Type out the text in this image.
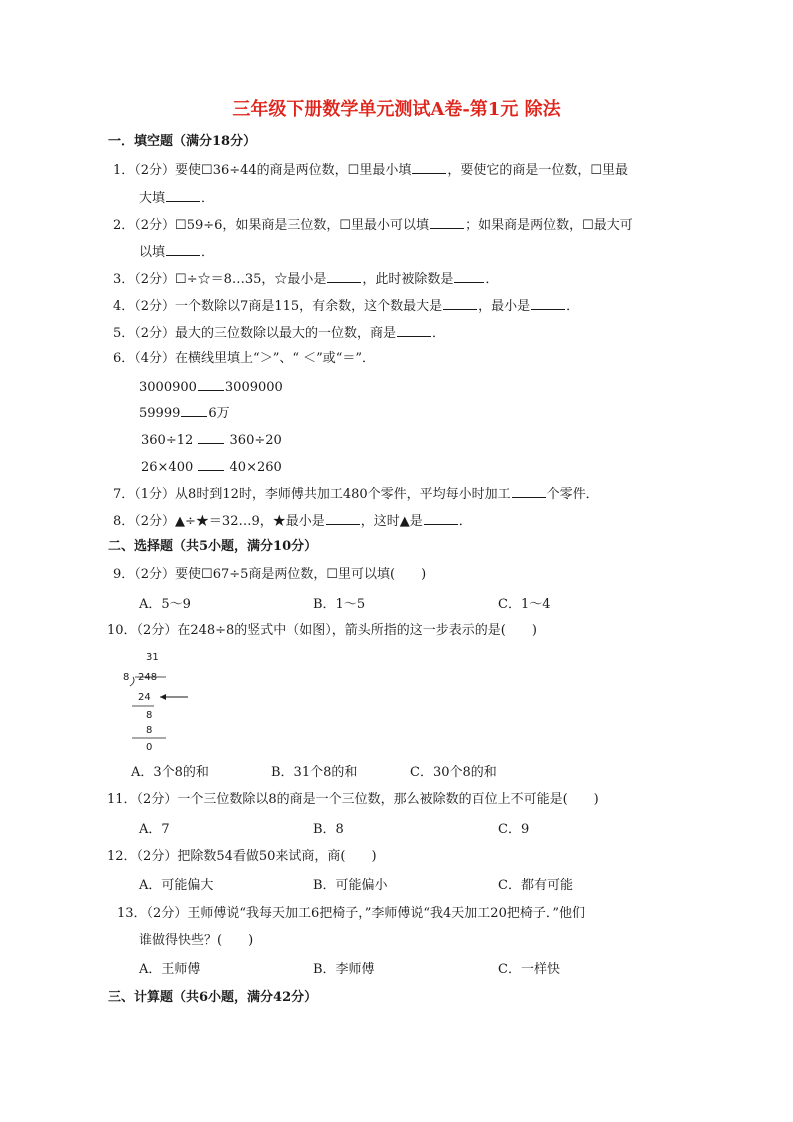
三年级下册数学单元测试A卷-第1元 除法
一．填空题（满分18分）
1．（2分）要使☐36÷44的商是两位数，☐里最小填	，要使它的商是一位数，☐里最
大填	．
2．（2分）☐59÷6，如果商是三位数，☐里最小可以填	；如果商是两位数，☐最大可
以填	．
3．（2分）☐÷☆＝8…35，☆最小是	，此时被除数是 ．
4．（2分）一个数除以7商是115，有余数，这个数最大是	，最小是	．
5．（2分）最大的三位数除以最大的一位数，商是	．
6．（4分）在横线里填上“＞”、“ ＜”或“＝”．
3000900 3009000
59999 6万
360÷12	360÷20
26×400	40×260
7．（1分）从8时到12时，李师傅共加工480个零件，平均每小时加工	个零件．
8．（2分）▲÷★＝32…9，★最小是	，这时▲是	．
二、选择题（共5小题，满分10分）
9．（2分）要使☐67÷5商是两位数，☐里可以填(　　)
A．5～9	B．1～5	C．1～4
10．（2分）在248÷8的竖式中（如图），箭头所指的这一步表示的是(　　)
31
8 248
24
8
8
0
A．3个8的和	B．31个8的和	C．30个8的和
11．（2分）一个三位数除以8的商是一个三位数，那么被除数的百位上不可能是(　　)
A．7	B．8	C．9
12．（2分）把除数54看做50来试商，商(　　)
A．可能偏大	B．可能偏小	C．都有可能
13．（2分）王师傅说“我每天加工6把椅子，”李师傅说“我4天加工20把椅子．”他们
谁做得快些？(　　)
A．王师傅	B．李师傅	C．一样快
三、计算题（共6小题，满分42分）
